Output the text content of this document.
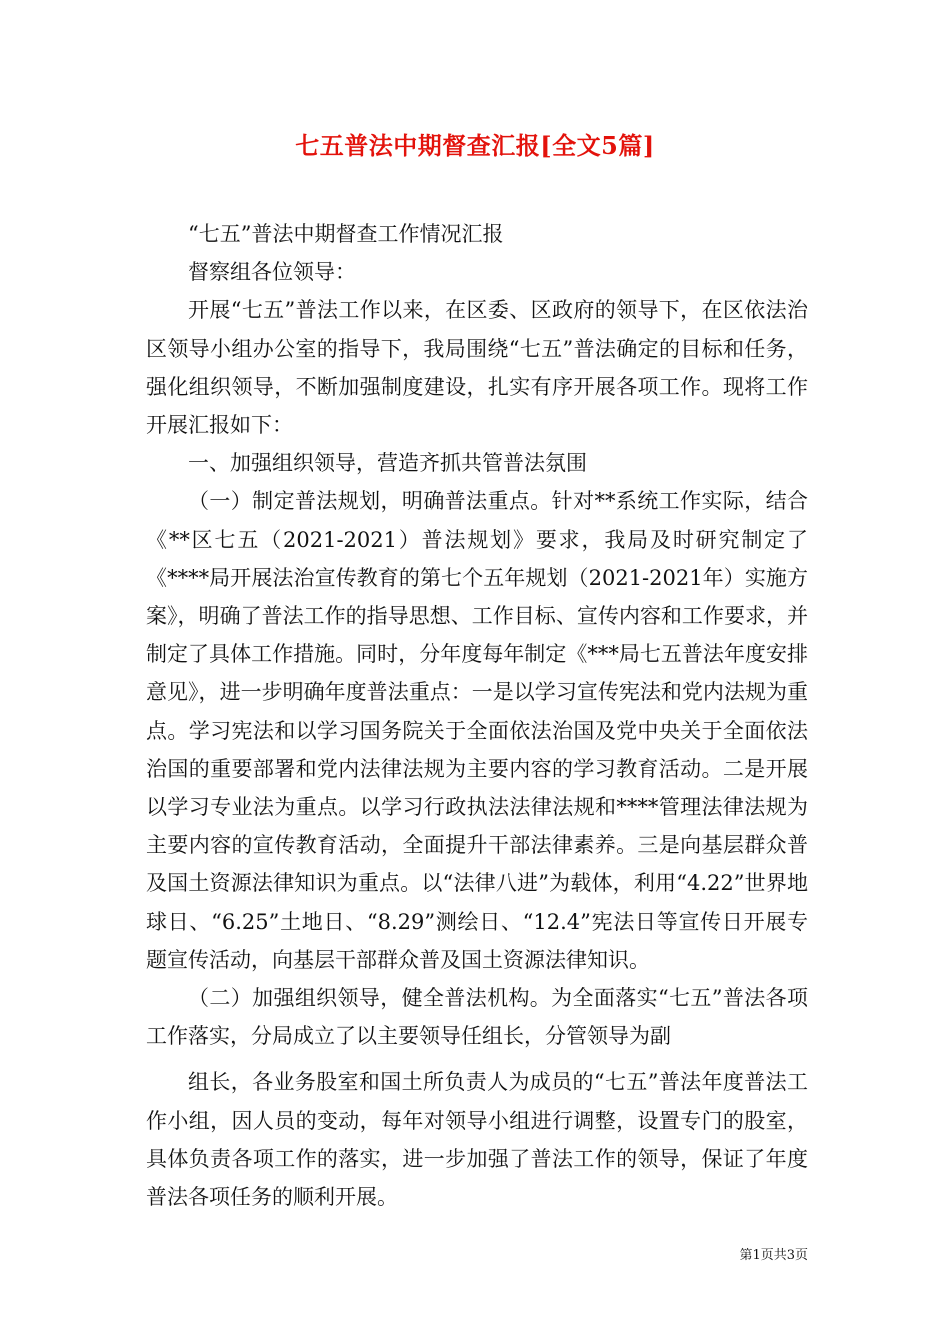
七五普法中期督查汇报[全文5篇]

“七五”普法中期督查工作情况汇报

督察组各位领导：

开展“七五”普法工作以来，在区委、区政府的领导下，在区依法治区领导小组办公室的指导下，我局围绕“七五”普法确定的目标和任务，强化组织领导，不断加强制度建设，扎实有序开展各项工作。现将工作开展汇报如下：

一、加强组织领导，营造齐抓共管普法氛围

（一）制定普法规划，明确普法重点。针对**系统工作实际，结合《**区七五（2021-2021）普法规划》要求，我局及时研究制定了《****局开展法治宣传教育的第七个五年规划（2021-2021年）实施方案》，明确了普法工作的指导思想、工作目标、宣传内容和工作要求，并制定了具体工作措施。同时，分年度每年制定《***局七五普法年度安排意见》，进一步明确年度普法重点：一是以学习宣传宪法和党内法规为重点。学习宪法和以学习国务院关于全面依法治国及党中央关于全面依法治国的重要部署和党内法律法规为主要内容的学习教育活动。二是开展以学习专业法为重点。以学习行政执法法律法规和****管理法律法规为主要内容的宣传教育活动，全面提升干部法律素养。三是向基层群众普及国土资源法律知识为重点。以“法律八进”为载体，利用“4.22”世界地球日、“6.25”土地日、“8.29”测绘日、“12.4”宪法日等宣传日开展专题宣传活动，向基层干部群众普及国土资源法律知识。

（二）加强组织领导，健全普法机构。为全面落实“七五”普法各项工作落实，分局成立了以主要领导任组长，分管领导为副

组长，各业务股室和国土所负责人为成员的“七五”普法年度普法工作小组，因人员的变动，每年对领导小组进行调整，设置专门的股室，具体负责各项工作的落实，进一步加强了普法工作的领导，保证了年度普法各项任务的顺利开展。

第1页共3页
